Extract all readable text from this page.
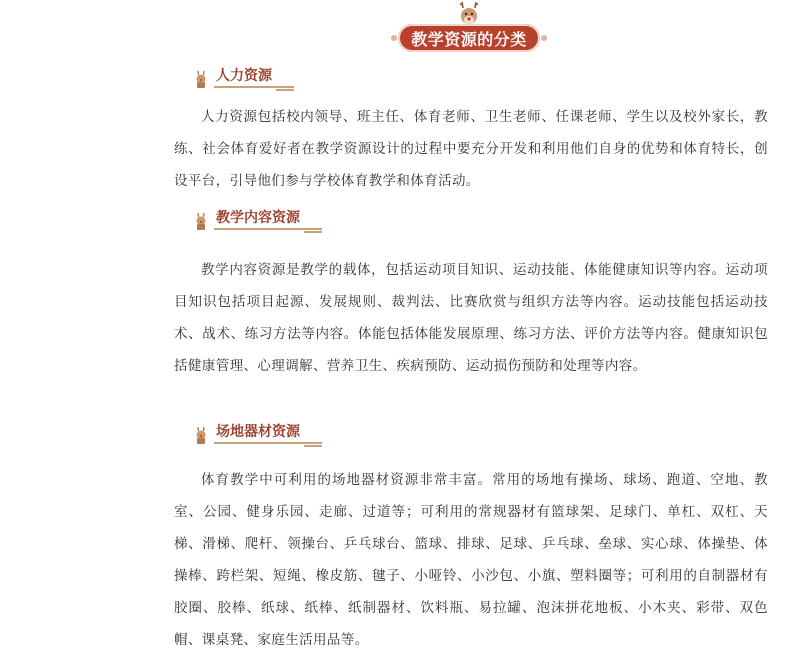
教学资源的分类
人力资源
人力资源包括校内领导、班主任、体育老师、卫生老师、任课老师、学生以及校外家长，教练、社会体育爱好者在教学资源设计的过程中要充分开发和利用他们自身的优势和体育特长，创设平台，引导他们参与学校体育教学和体育活动。
教学内容资源
教学内容资源是教学的载体，包括运动项目知识、运动技能、体能健康知识等内容。运动项目知识包括项目起源、发展规则、裁判法、比赛欣赏与组织方法等内容。运动技能包括运动技术、战术、练习方法等内容。体能包括体能发展原理、练习方法、评价方法等内容。健康知识包括健康管理、心理调解、营养卫生、疾病预防、运动损伤预防和处理等内容。
场地器材资源
体育教学中可利用的场地器材资源非常丰富。常用的场地有操场、球场、跑道、空地、教室、公园、健身乐园、走廊、过道等；可利用的常规器材有篮球架、足球门、单杠、双杠、天梯、滑梯、爬杆、领操台、乒乓球台、篮球、排球、足球、乒乓球、垒球、实心球、体操垫、体操棒、跨栏架、短绳、橡皮筋、毽子、小哑铃、小沙包、小旗、塑料圈等；可利用的自制器材有胶圈、胶棒、纸球、纸棒、纸制器材、饮料瓶、易拉罐、泡沫拼花地板、小木夹、彩带、双色帽、课桌凳、家庭生活用品等。
